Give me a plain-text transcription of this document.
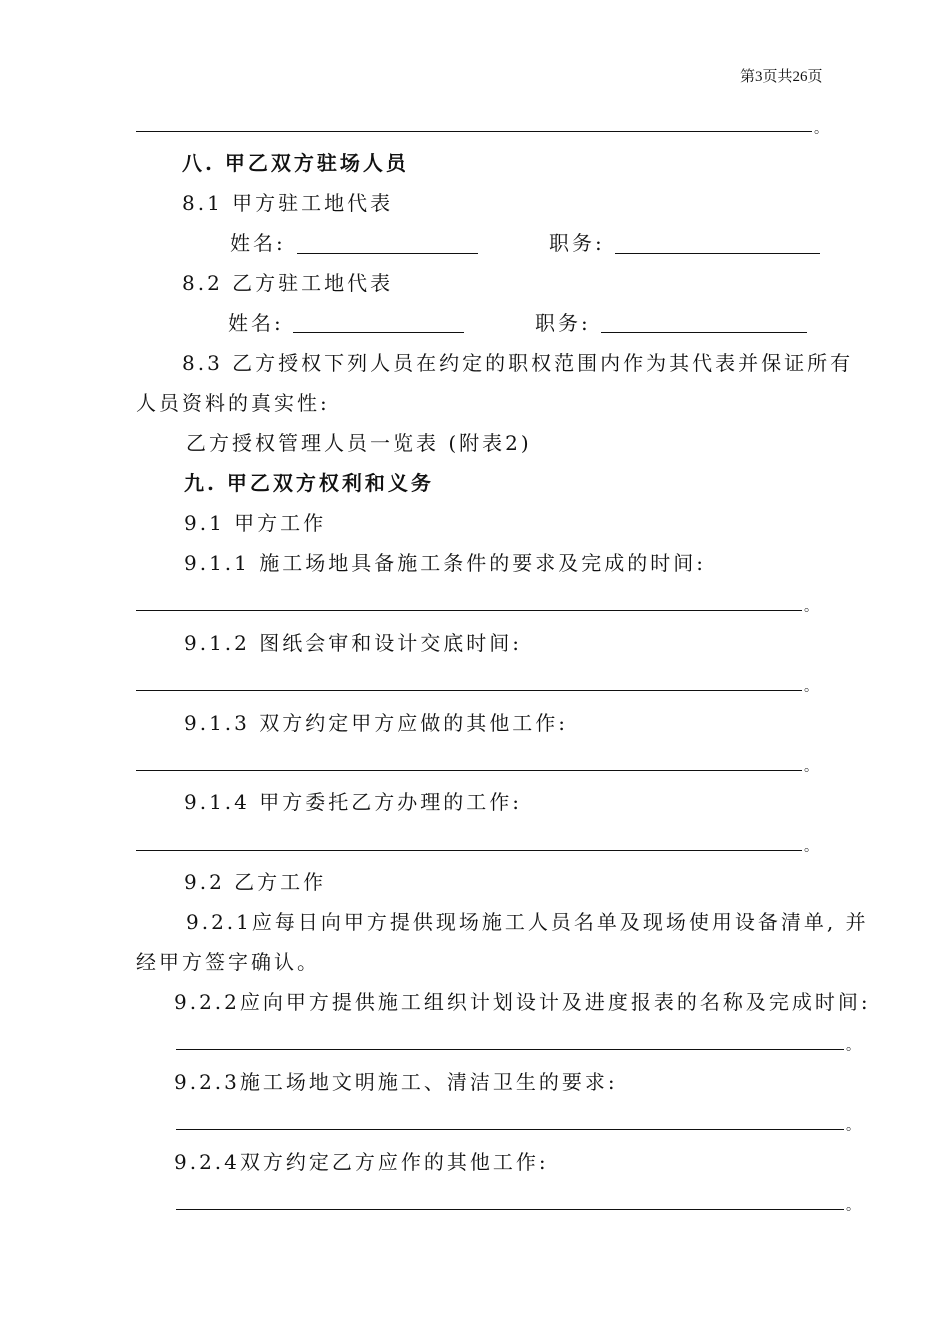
第3页共26页
。
八. 甲乙双方驻场人员
8.1 甲方驻工地代表
姓名:	职务:
8.2 乙方驻工地代表
姓名:	职务:
8.3 乙方授权下列人员在约定的职权范围内作为其代表并保证所有
人员资料的真实性:
乙方授权管理人员一览表 (附表2)
九. 甲乙双方权利和义务
9.1 甲方工作
9.1.1 施工场地具备施工条件的要求及完成的时间:
。
9.1.2 图纸会审和设计交底时间:
。
9.1.3 双方约定甲方应做的其他工作:
。
9.1.4 甲方委托乙方办理的工作:
。
9.2 乙方工作
9.2.1应每日向甲方提供现场施工人员名单及现场使用设备清单, 并
经甲方签字确认。
9.2.2应向甲方提供施工组织计划设计及进度报表的名称及完成时间:
。
9.2.3施工场地文明施工、清洁卫生的要求:
。
9.2.4双方约定乙方应作的其他工作:
。
